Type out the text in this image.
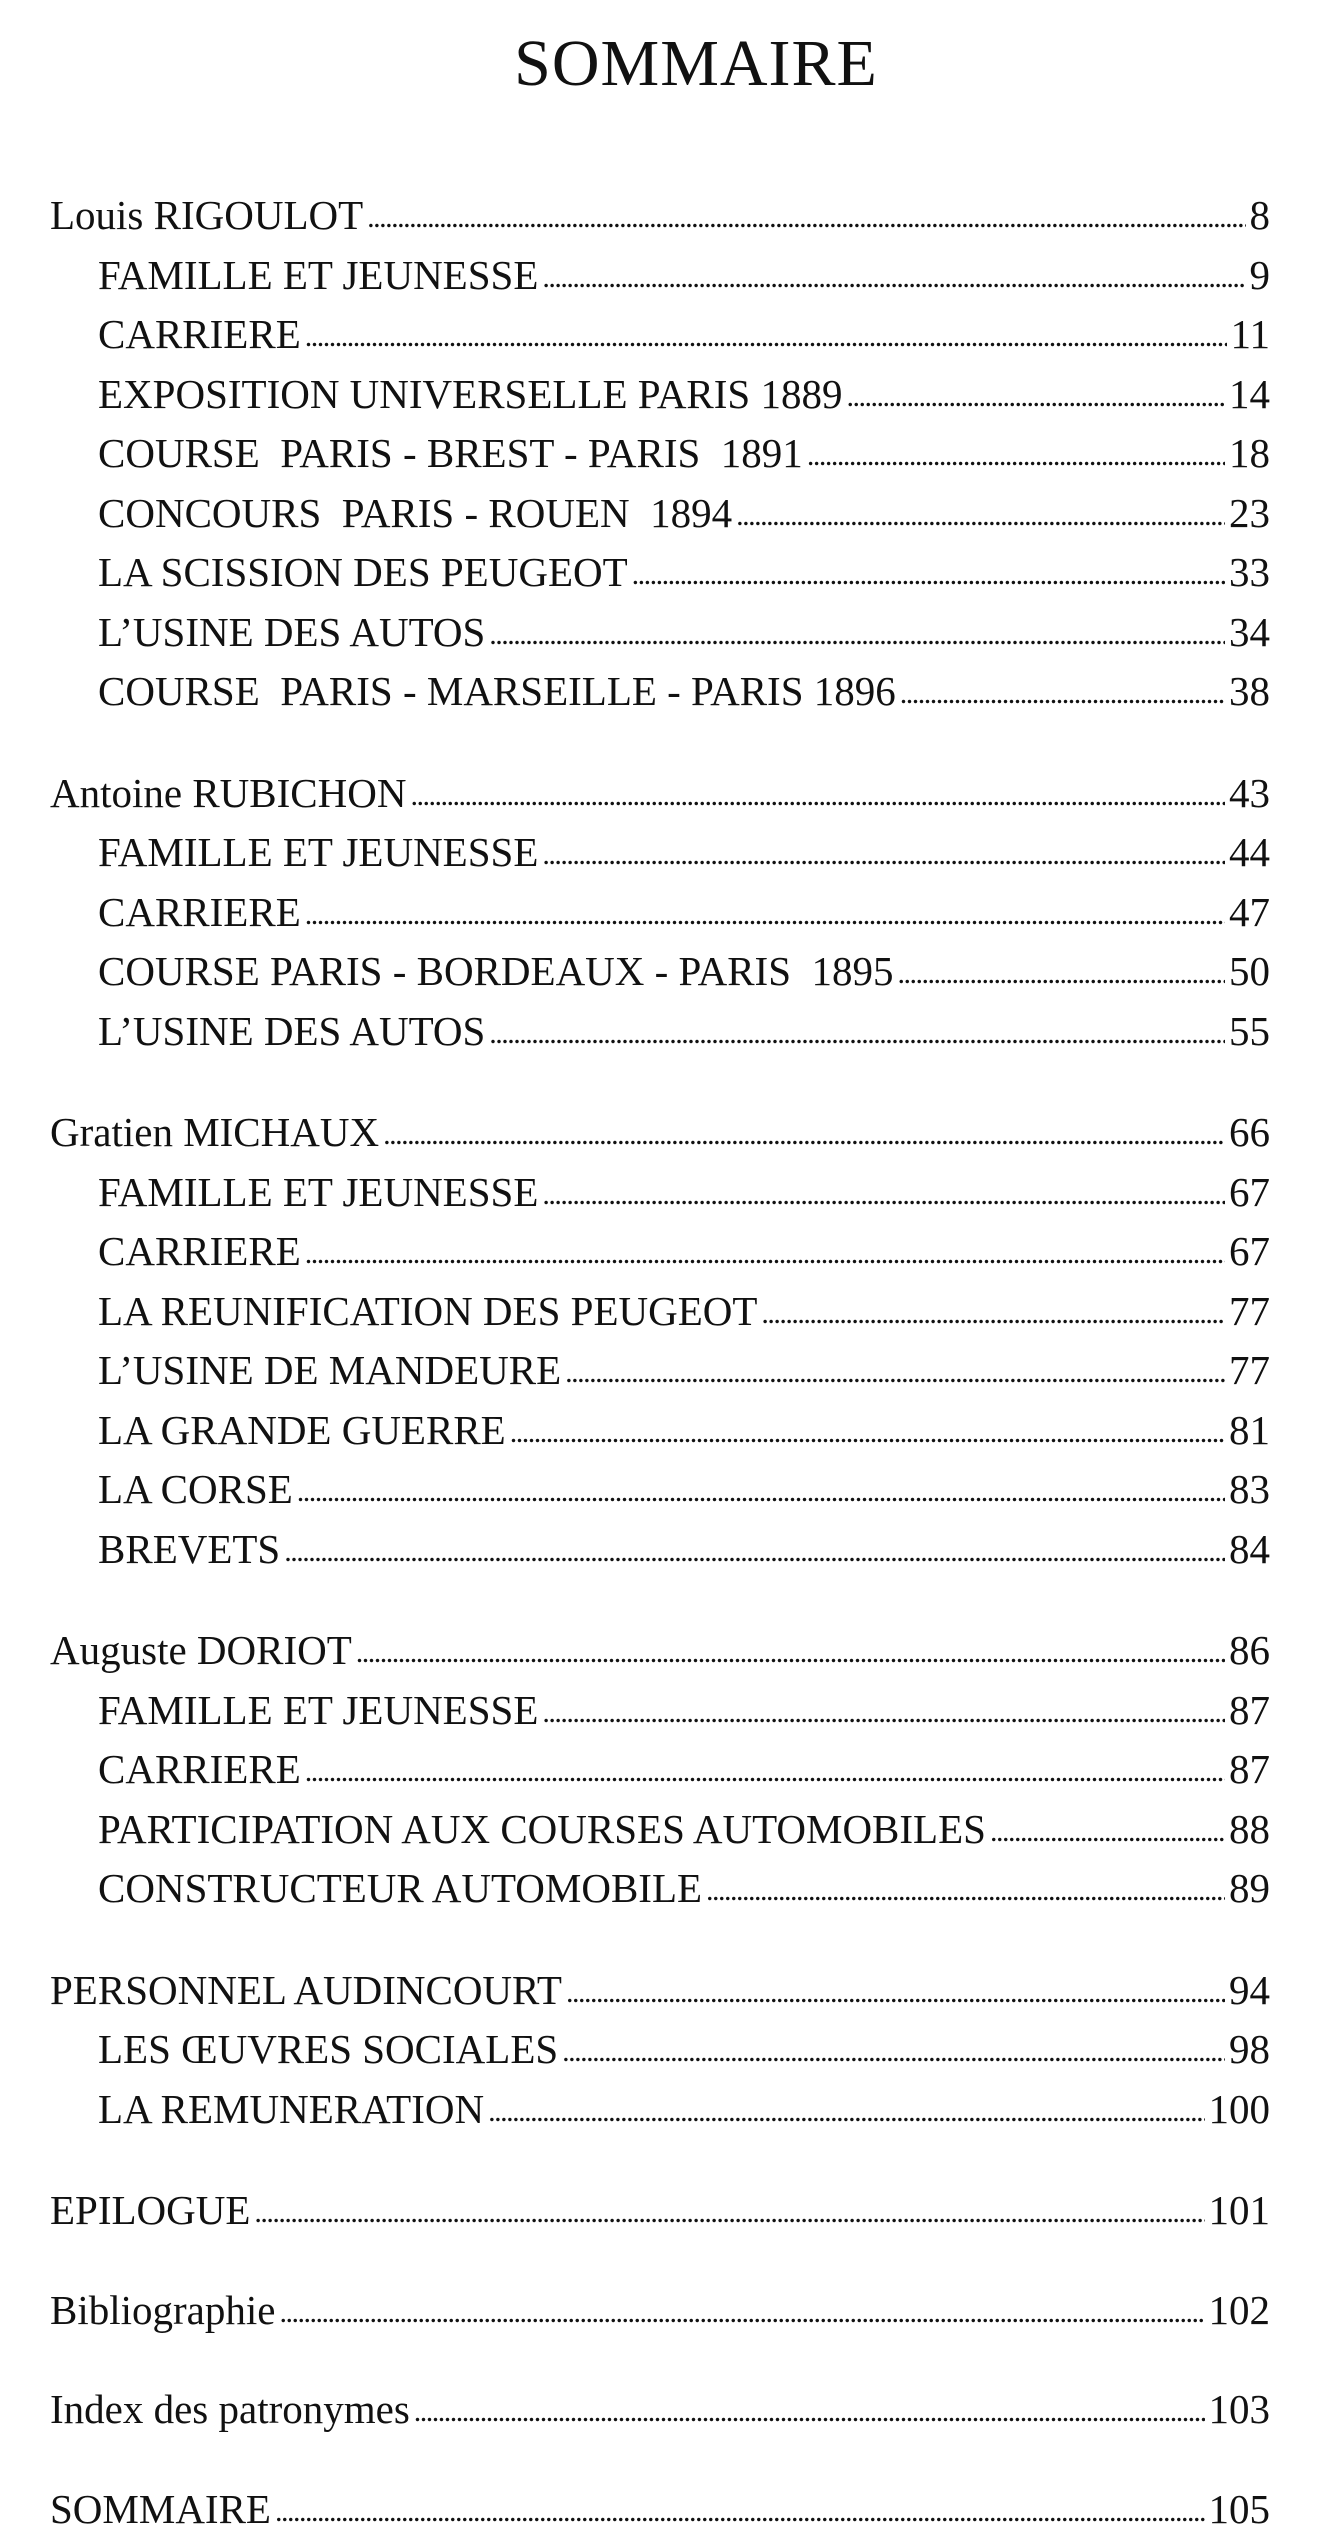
SOMMAIRE
Louis RIGOULOT . . .	8
FAMILLE ET JEUNESSE . . .	9
CARRIERE . . .	11
EXPOSITION UNIVERSELLE PARIS 1889 . . .	14
COURSE  PARIS - BREST - PARIS  1891 . . .	18
CONCOURS  PARIS - ROUEN  1894 . . .	23
LA SCISSION DES PEUGEOT . . .	33
L’USINE DES AUTOS . . .	34
COURSE  PARIS - MARSEILLE - PARIS 1896 . . .	38
Antoine RUBICHON . . .	43
FAMILLE ET JEUNESSE . . .	44
CARRIERE . . .	47
COURSE PARIS - BORDEAUX - PARIS  1895 . . .	50
L’USINE DES AUTOS . . .	55
Gratien MICHAUX . . .	66
FAMILLE ET JEUNESSE . . .	67
CARRIERE . . .	67
LA REUNIFICATION DES PEUGEOT . . .	77
L’USINE DE MANDEURE . . .	77
LA GRANDE GUERRE . . .	81
LA CORSE . . .	83
BREVETS . . .	84
Auguste DORIOT . . .	86
FAMILLE ET JEUNESSE . . .	87
CARRIERE . . .	87
PARTICIPATION AUX COURSES AUTOMOBILES . . .	88
CONSTRUCTEUR AUTOMOBILE . . .	89
PERSONNEL AUDINCOURT . . .	94
LES ŒUVRES SOCIALES . . .	98
LA REMUNERATION . . .	100
EPILOGUE . . .	101
Bibliographie . . .	102
Index des patronymes . . .	103
SOMMAIRE . . .	105
